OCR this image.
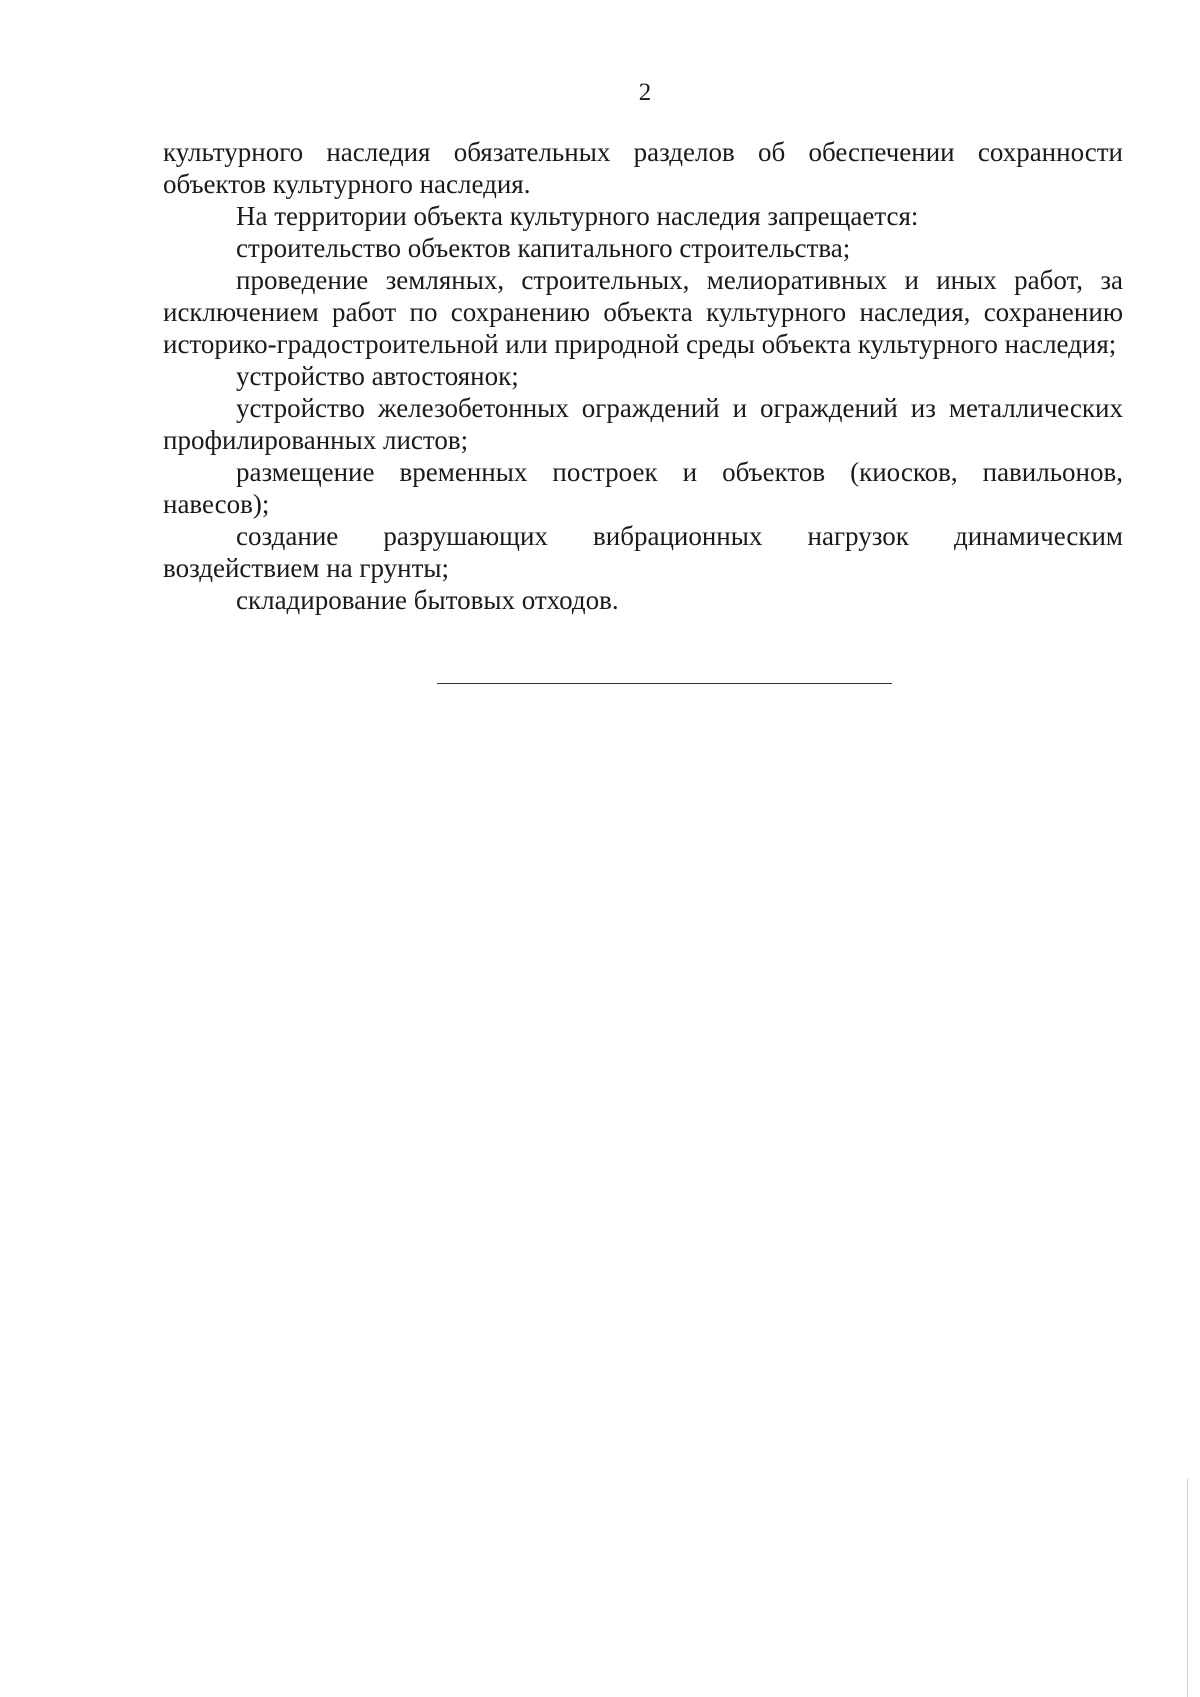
2

культурного наследия обязательных разделов об обеспечении сохранности объектов культурного наследия.

На территории объекта культурного наследия запрещается:

строительство объектов капитального строительства;

проведение земляных, строительных, мелиоративных и иных работ, за исключением работ по сохранению объекта культурного наследия, сохранению историко-градостроительной или природной среды объекта культурного наследия;

устройство автостоянок;

устройство железобетонных ограждений и ограждений из металлических профилированных листов;

размещение временных построек и объектов (киосков, павильонов, навесов);

создание разрушающих вибрационных нагрузок динамическим воздействием на грунты;

складирование бытовых отходов.
